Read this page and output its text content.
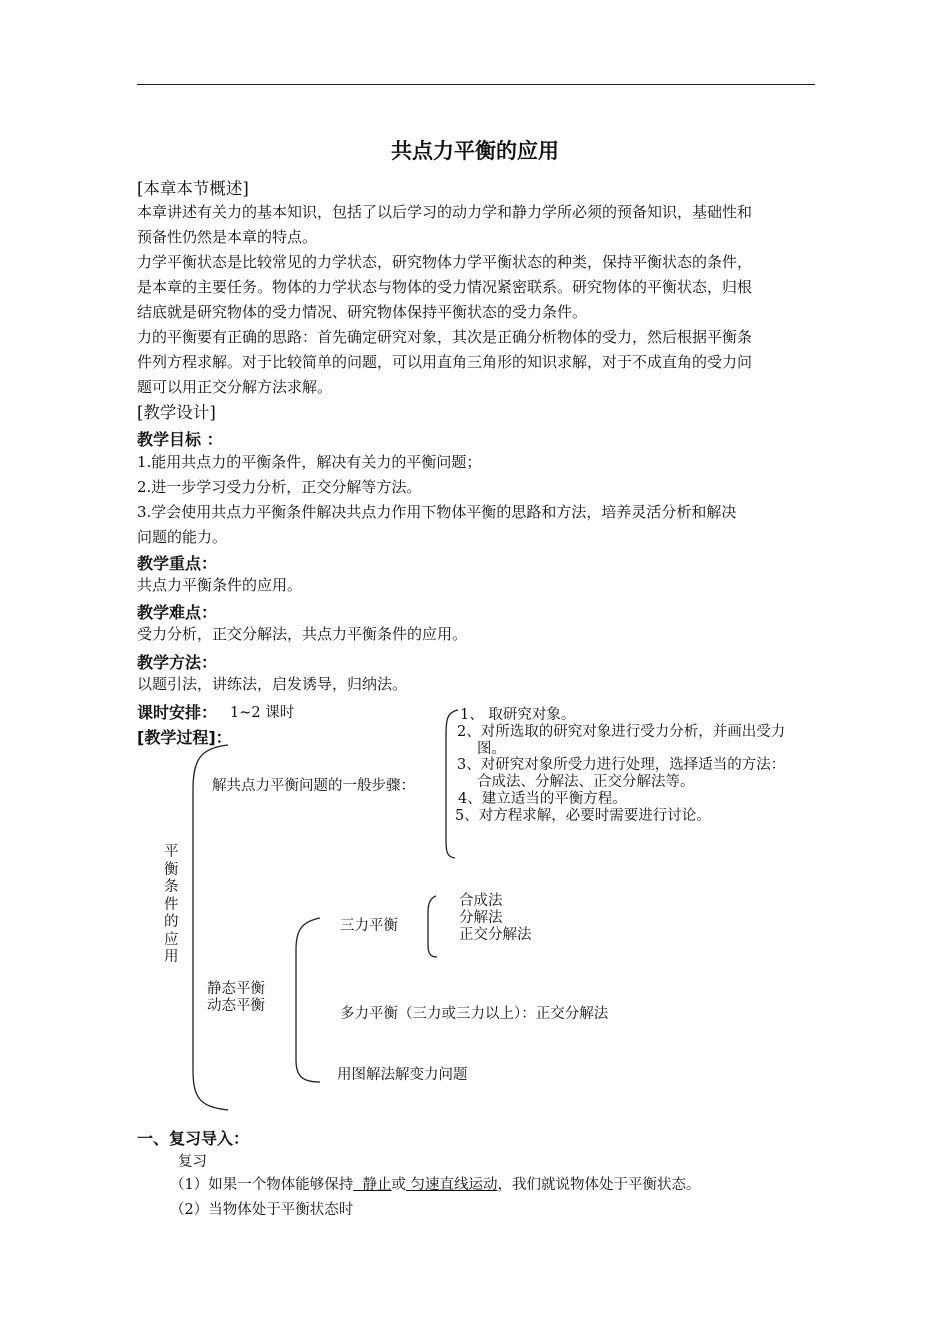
共点力平衡的应用
[本章本节概述]
本章讲述有关力的基本知识，包括了以后学习的动力学和静力学所必须的预备知识，基础性和
预备性仍然是本章的特点。
力学平衡状态是比较常见的力学状态，研究物体力学平衡状态的种类，保持平衡状态的条件，
是本章的主要任务。物体的力学状态与物体的受力情况紧密联系。研究物体的平衡状态，归根
结底就是研究物体的受力情况、研究物体保持平衡状态的受力条件。
力的平衡要有正确的思路：首先确定研究对象，其次是正确分析物体的受力，然后根据平衡条
件列方程求解。对于比较简单的问题，可以用直角三角形的知识求解，对于不成直角的受力问
题可以用正交分解方法求解。
[教学设计]
教学目标 ：
1.能用共点力的平衡条件，解决有关力的平衡问题；
2.进一步学习受力分析，正交分解等方法。
3.学会使用共点力平衡条件解决共点力作用下物体平衡的思路和方法，培养灵活分析和解决
问题的能力。
教学重点：
共点力平衡条件的应用。
教学难点：
受力分析，正交分解法，共点力平衡条件的应用。
教学方法：
以题引法，讲练法，启发诱导，归纳法。
课时安排： 1~2 课时
[教学过程]：
解共点力平衡问题的一般步骤：
1、 取研究对象。
2、对所选取的研究对象进行受力分析，并画出受力
图。
3、对研究对象所受力进行处理，选择适当的方法：
合成法、分解法、正交分解法等。
4、建立适当的平衡方程。
5、对方程求解，必要时需要进行讨论。
平衡条件的应用
静态平衡
动态平衡
三力平衡
合成法
分解法
正交分解法
多力平衡（三力或三力以上）：正交分解法
用图解法解变力问题
一、复习导入：
复习
（1）如果一个物体能够保持  静止或 匀速直线运动，我们就说物体处于平衡状态。
（2）当物体处于平衡状态时
